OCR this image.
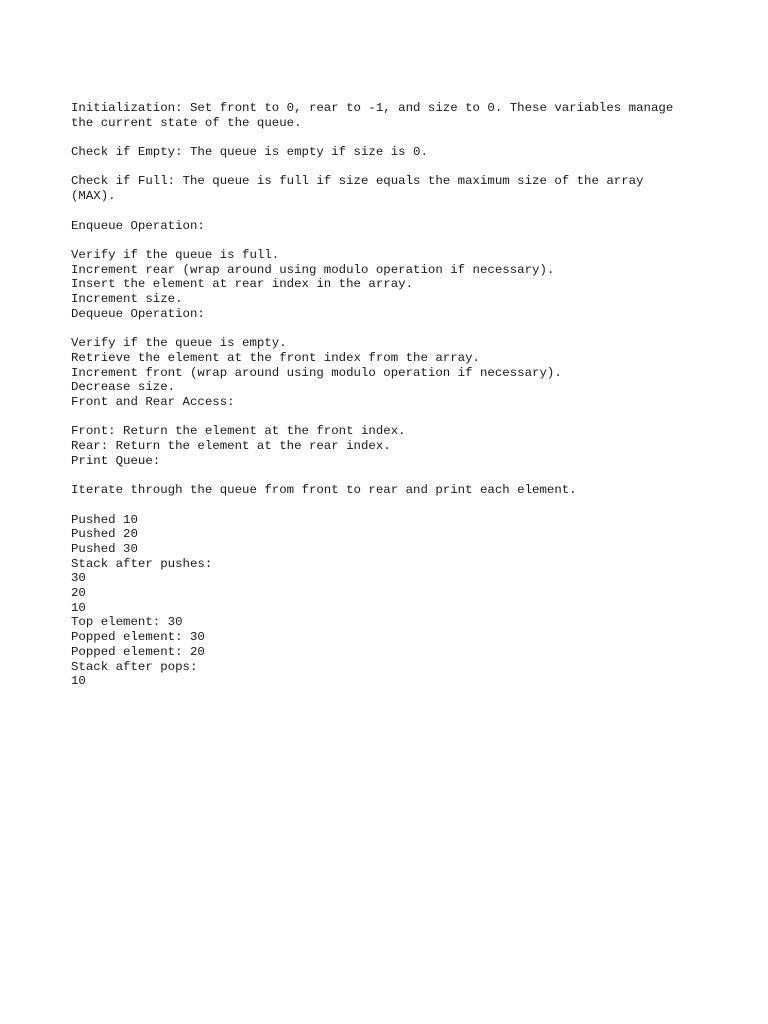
Initialization: Set front to 0, rear to -1, and size to 0. These variables manage
the current state of the queue.
Check if Empty: The queue is empty if size is 0.
Check if Full: The queue is full if size equals the maximum size of the array
(MAX).
Enqueue Operation:
Verify if the queue is full.
Increment rear (wrap around using modulo operation if necessary).
Insert the element at rear index in the array.
Increment size.
Dequeue Operation:
Verify if the queue is empty.
Retrieve the element at the front index from the array.
Increment front (wrap around using modulo operation if necessary).
Decrease size.
Front and Rear Access:
Front: Return the element at the front index.
Rear: Return the element at the rear index.
Print Queue:
Iterate through the queue from front to rear and print each element.
Pushed 10
Pushed 20
Pushed 30
Stack after pushes:
30
20
10
Top element: 30
Popped element: 30
Popped element: 20
Stack after pops:
10
